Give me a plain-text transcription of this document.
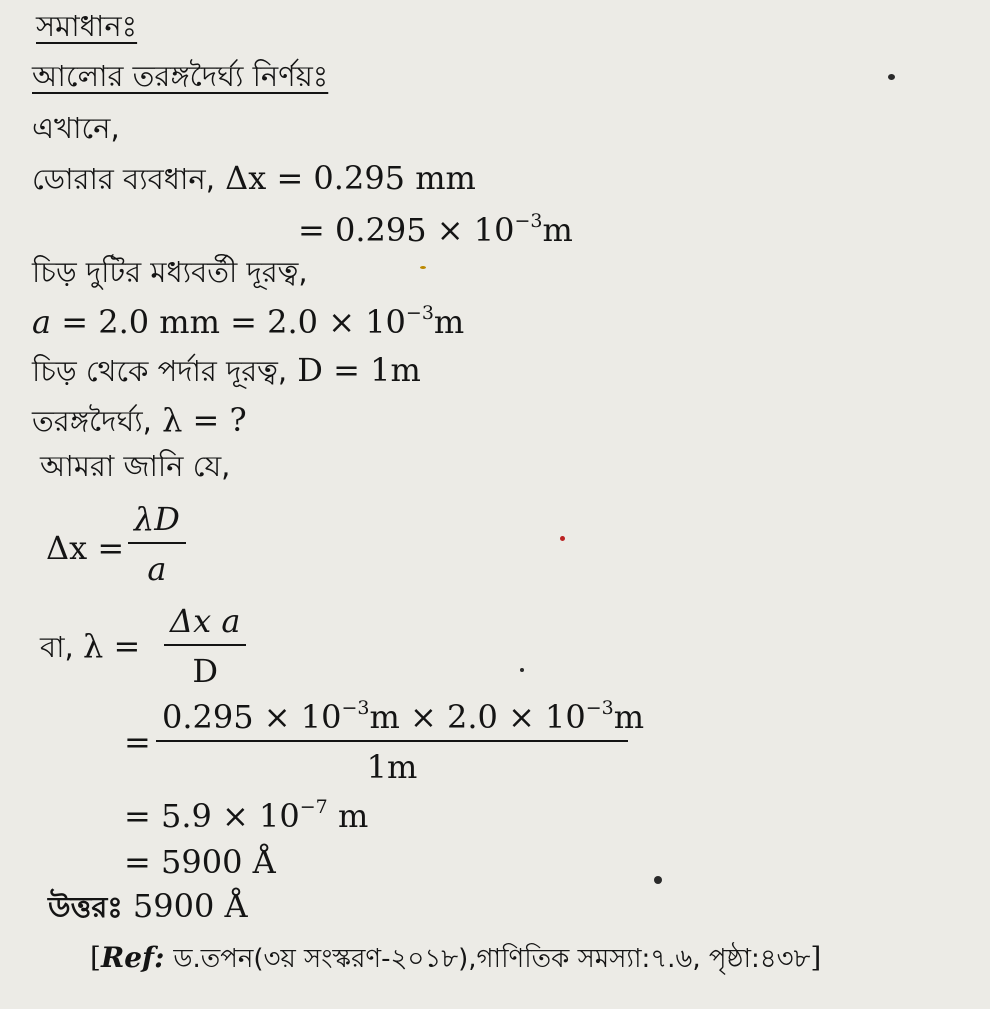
সমাধানঃ
আলোর তরঙ্গদৈর্ঘ্য নির্ণয়ঃ
এখানে,
ডোরার ব্যবধান, Δx = 0.295 mm
= $0.295 \times 10^{-3}m$
চিড় দুটির মধ্যবর্তী দূরত্ব,
a = 2.0 mm = $2.0 \times 10^{-3}m$
চিড় থেকে পর্দার দূরত্ব, D = 1m
তরঙ্গদৈর্ঘ্য, λ = ?
আমরা জানি যে,
$\Delta x = \frac{\lambda D}{a}$
বা, $\lambda = \frac{\text{Δx a}}{D}$
= $\frac{0.295 \times 10^{-3}m \times 2.0 \times 10^{-3}m}{1m}$
= $5.9 \times 10^{-7}$ m
= 5900 Å
উত্তরঃ 5900 Å
[Ref: ড.তপন(৩য় সংস্করণ-২০১৮),গাণিতিক সমস্যা:৭.৬, পৃষ্ঠা:৪৩৮]
